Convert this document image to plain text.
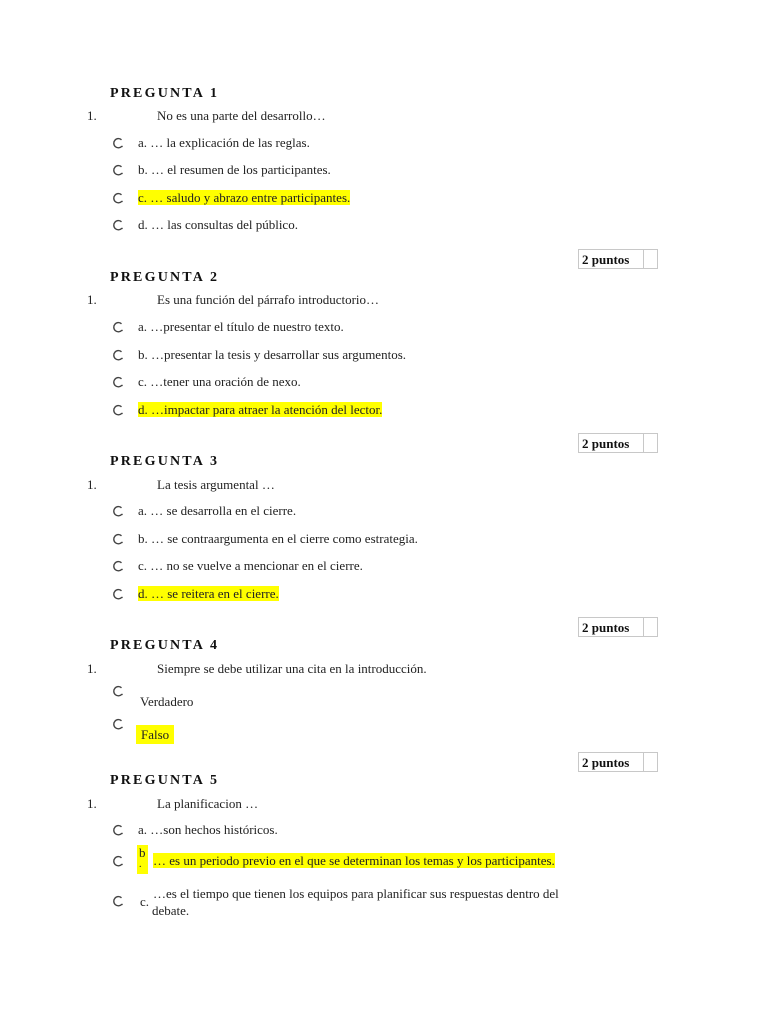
PREGUNTA 1
1.	No es una parte del desarrollo…
a. … la explicación de las reglas.
b. … el resumen de los participantes.
c. … saludo y abrazo entre participantes.
d. … las consultas del público.
2 puntos
PREGUNTA 2
1.	Es una función del párrafo introductorio…
a. …presentar el título de nuestro texto.
b. …presentar la tesis y desarrollar sus argumentos.
c. …tener una oración de nexo.
d. …impactar para atraer la atención del lector.
2 puntos
PREGUNTA 3
1.	La tesis argumental …
a. … se desarrolla en el cierre.
b. … se contraargumenta en el cierre como estrategia.
c. … no se vuelve a mencionar en el cierre.
d. … se reitera en el cierre.
2 puntos
PREGUNTA 4
1.	Siempre se debe utilizar una cita en la introducción.
Verdadero
Falso
2 puntos
PREGUNTA 5
1.	La planificacion …
a. …son hechos históricos.
b
. … es un periodo previo en el que se determinan los temas y los participantes.
c.
…es el tiempo que tienen los equipos para planificar sus respuestas dentro del
debate.
